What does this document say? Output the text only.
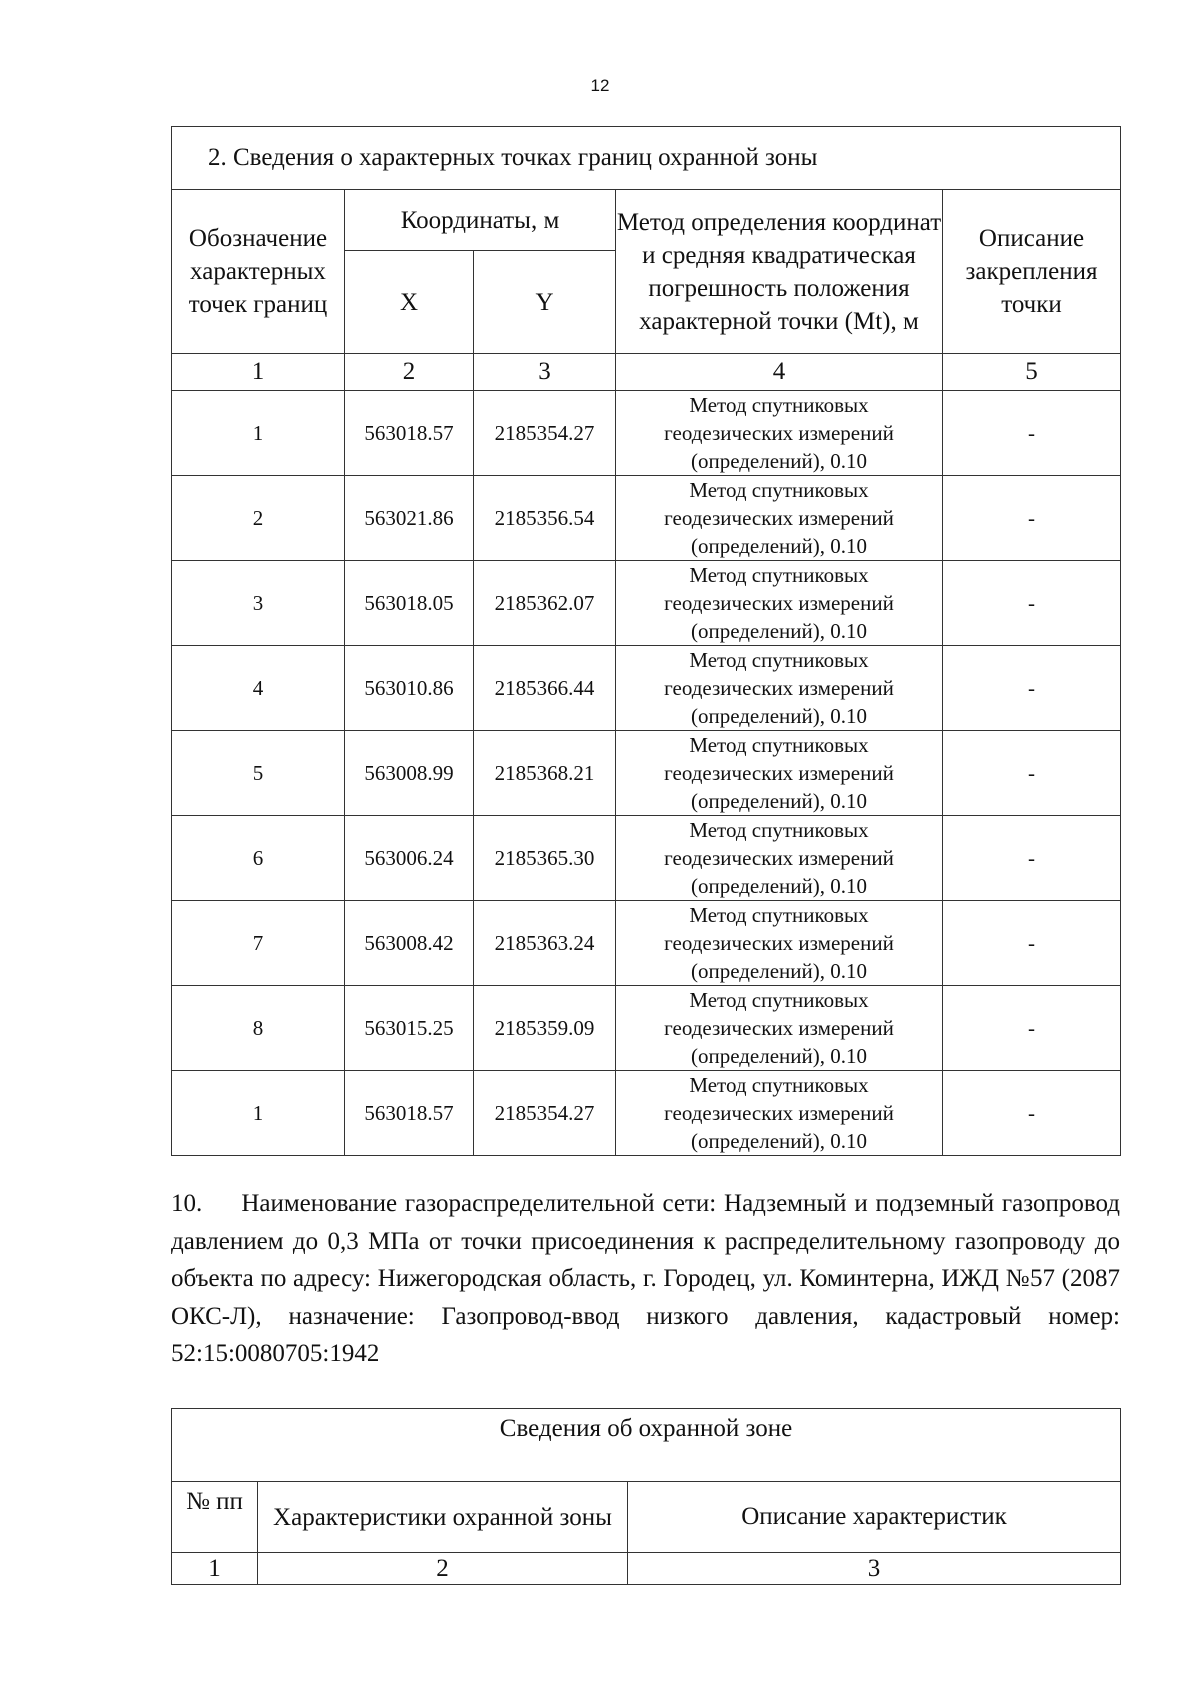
12
2. Сведения о характерных точках границ охранной зоны				
Обозначение характерных точек границ	Координаты, м		Метод определения координат и средняя квадратическая погрешность положения характерной точки (Mt), м	Описание закрепления точки
	X	Y		
1	2	3	4	5
1	563018.57	2185354.27	Метод спутниковых
геодезических измерений
(определений), 0.10	-
2	563021.86	2185356.54	Метод спутниковых
геодезических измерений
(определений), 0.10	-
3	563018.05	2185362.07	Метод спутниковых
геодезических измерений
(определений), 0.10	-
4	563010.86	2185366.44	Метод спутниковых
геодезических измерений
(определений), 0.10	-
5	563008.99	2185368.21	Метод спутниковых
геодезических измерений
(определений), 0.10	-
6	563006.24	2185365.30	Метод спутниковых
геодезических измерений
(определений), 0.10	-
7	563008.42	2185363.24	Метод спутниковых
геодезических измерений
(определений), 0.10	-
8	563015.25	2185359.09	Метод спутниковых
геодезических измерений
(определений), 0.10	-
1	563018.57	2185354.27	Метод спутниковых
геодезических измерений
(определений), 0.10	-

10.     Наименование газораспределительной сети: Надземный и подземный газопровод давлением до 0,3 МПа от точки присоединения к распределительному газопроводу до объекта по адресу: Нижегородская область, г. Городец, ул. Коминтерна, ИЖД №57 (2087 ОКС-Л), назначение: Газопровод-ввод низкого давления, кадастровый номер: 52:15:0080705:1942

Сведения об охранной зоне		
№ пп	Характеристики охранной зоны	Описание характеристик
1	2	3
